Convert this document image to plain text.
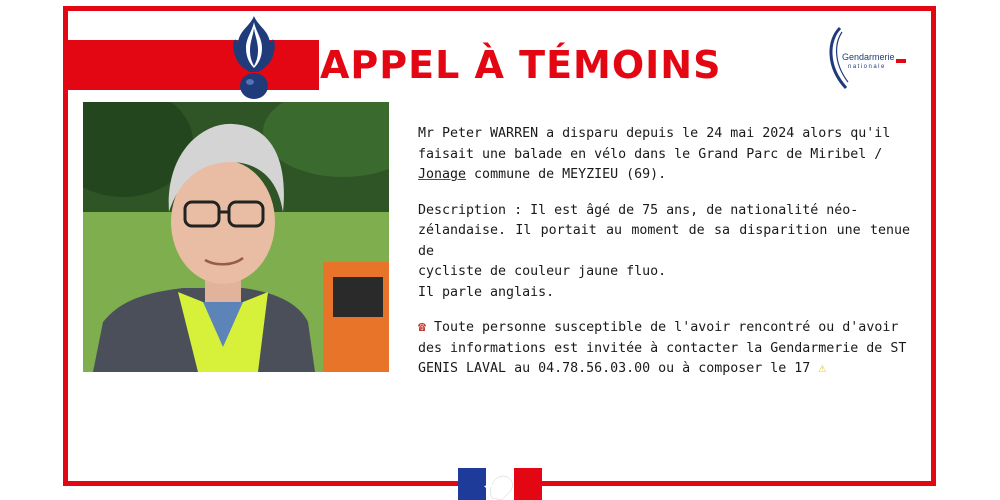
APPEL À TÉMOINS	Gendarmerie
nationale

Mr Peter WARREN a disparu depuis le 24 mai 2024 alors qu'il
faisait une balade en vélo dans le Grand Parc de Miribel /
Jonage commune de MEYZIEU (69).

Description : Il est âgé de 75 ans, de nationalité néo-
zélandaise. Il portait au moment de sa disparition une tenue de
cycliste de couleur jaune fluo.
Il parle anglais.

☎ Toute personne susceptible de l'avoir rencontré ou d'avoir
des informations est invitée à contacter la Gendarmerie de ST
GENIS LAVAL au 04.78.56.03.00 ou à composer le 17 ⚠
